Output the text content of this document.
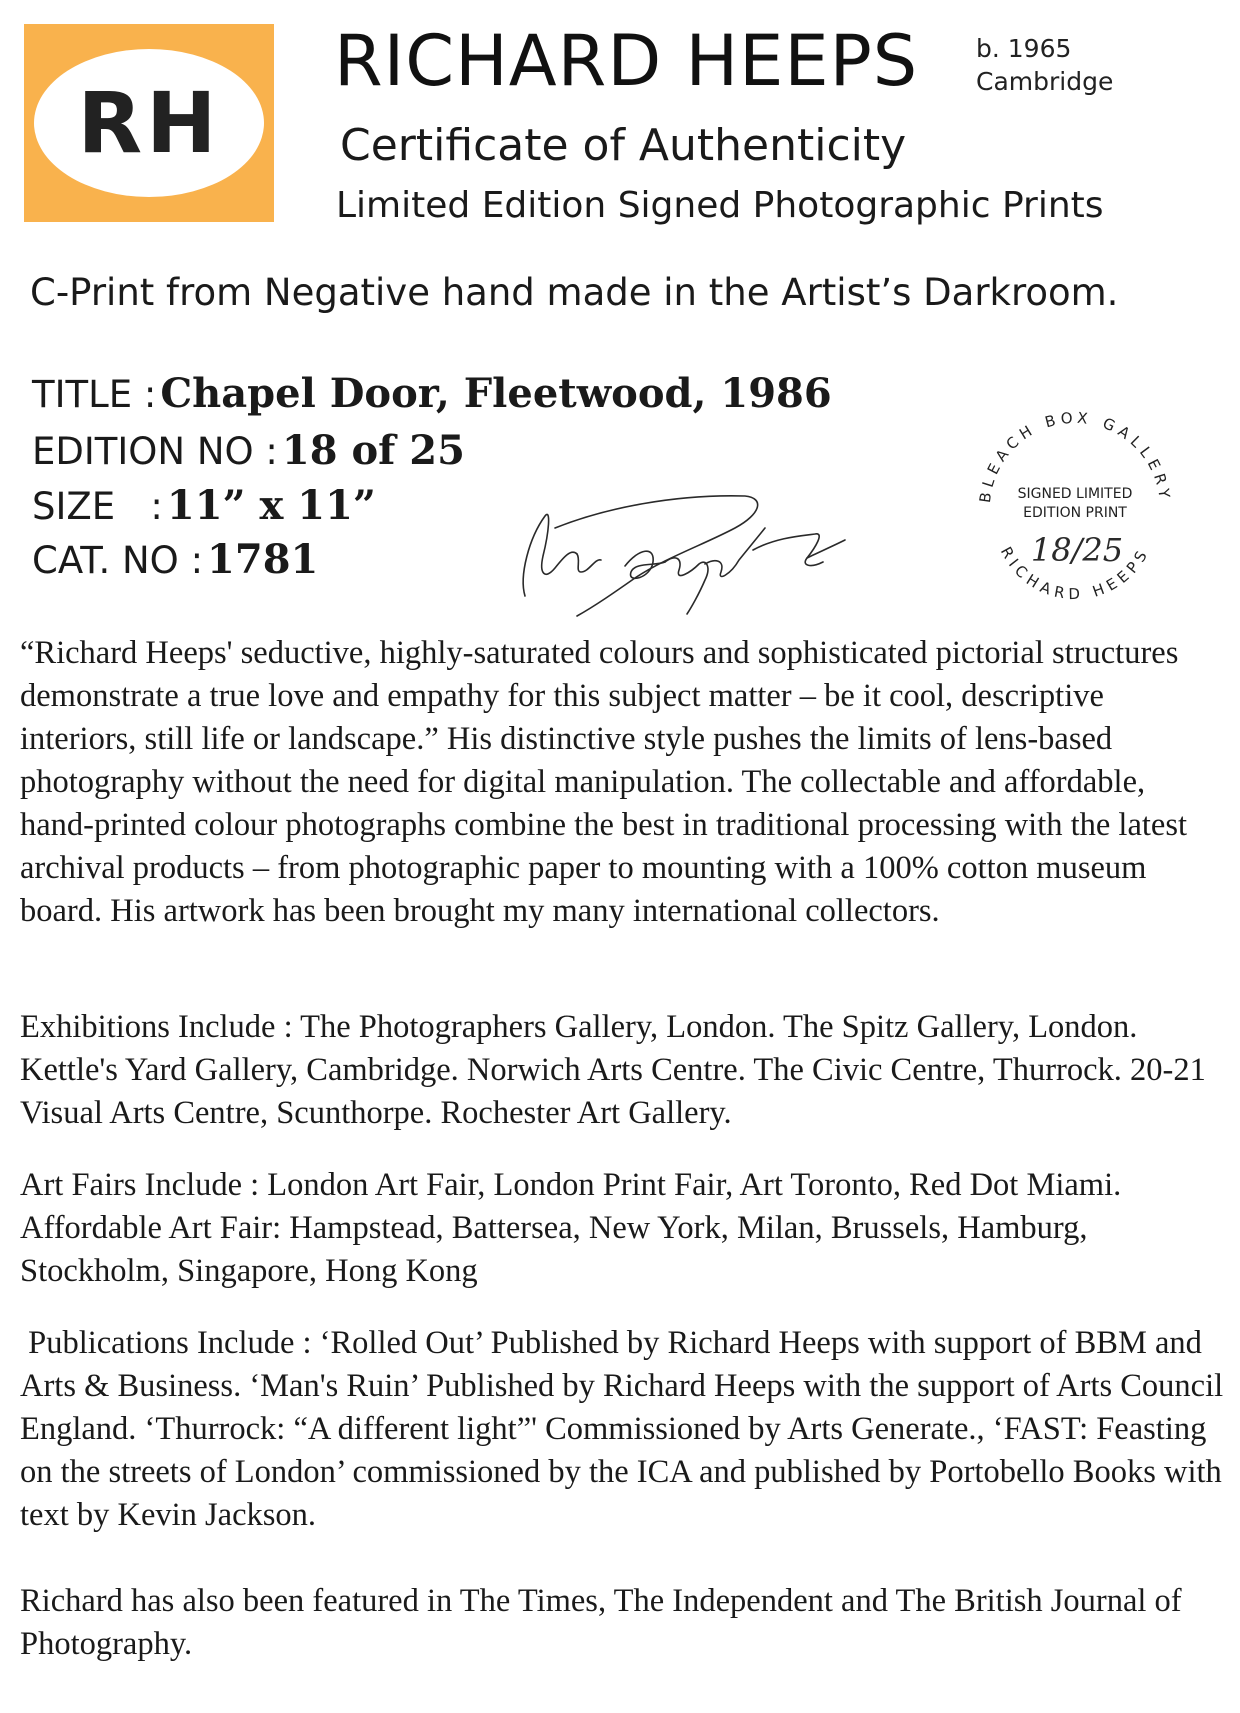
RH
RICHARD HEEPS b. 1965
Cambridge
Certificate of Authenticity
Limited Edition Signed Photographic Prints
C-Print from Negative hand made in the Artist’s Darkroom.
TITLE : Chapel Door, Fleetwood, 1986
EDITION NO : 18 of 25
SIZE   : 11” x 11”
CAT. NO : 1781
BLEACH BOX GALLERY
RICHARD HEEPS
SIGNED LIMITED
EDITION PRINT
18/25

“Richard Heeps' seductive, highly-saturated colours and sophisticated pictorial structures demonstrate a true love and empathy for this subject matter – be it cool, descriptive interiors, still life or landscape.” His distinctive style pushes the limits of lens-based photography without the need for digital manipulation. The collectable and affordable, hand-printed colour photographs combine the best in traditional processing with the latest archival products – from photographic paper to mounting with a 100% cotton museum board. His artwork has been brought my many international collectors.

Exhibitions Include : The Photographers Gallery, London. The Spitz Gallery, London. Kettle's Yard Gallery, Cambridge. Norwich Arts Centre. The Civic Centre, Thurrock. 20-21 Visual Arts Centre, Scunthorpe. Rochester Art Gallery.

Art Fairs Include : London Art Fair, London Print Fair, Art Toronto, Red Dot Miami. Affordable Art Fair: Hampstead, Battersea, New York, Milan, Brussels, Hamburg, Stockholm, Singapore, Hong Kong

Publications Include : ‘Rolled Out’ Published by Richard Heeps with support of BBM and Arts & Business. ‘Man's Ruin’ Published by Richard Heeps with the support of Arts Council England. ‘Thurrock: “A different light”' Commissioned by Arts Generate., ‘FAST: Feasting on the streets of London’ commissioned by the ICA and published by Portobello Books with text by Kevin Jackson.

Richard has also been featured in The Times, The Independent and The British Journal of Photography.
